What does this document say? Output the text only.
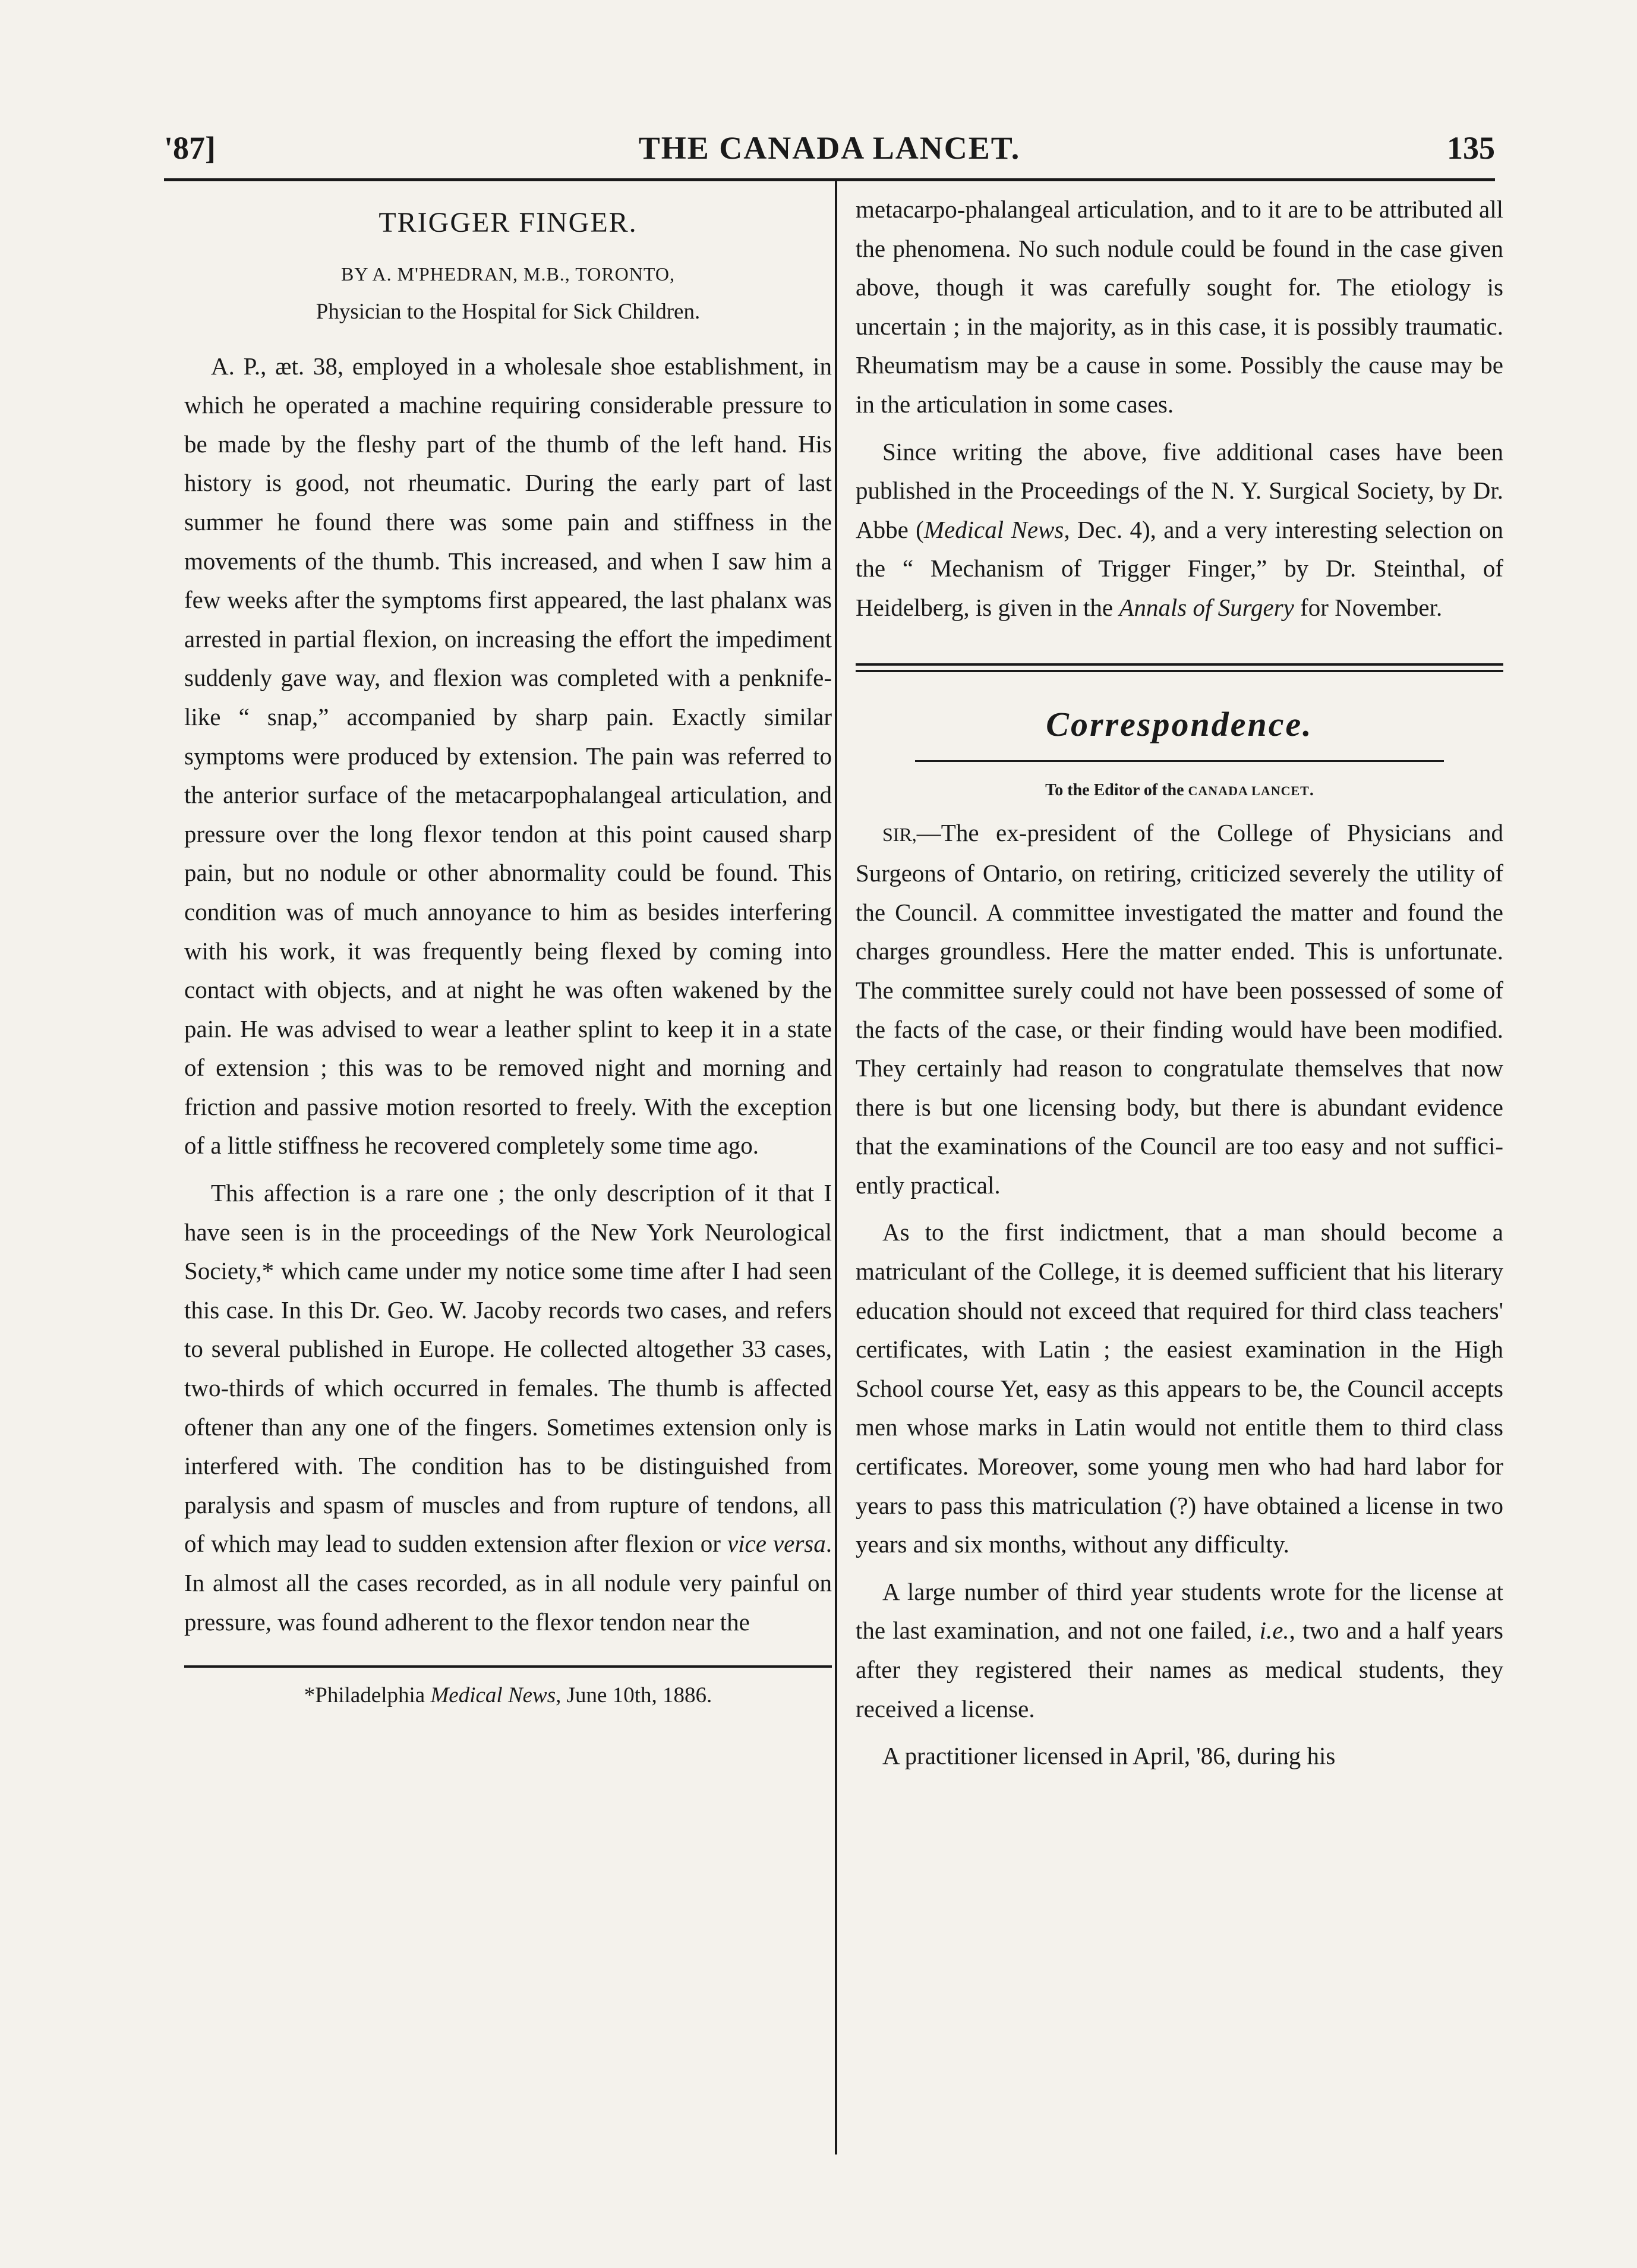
'87]	THE CANADA LANCET.	135
TRIGGER FINGER.
BY A. M'PHEDRAN, M.B., TORONTO,
Physician to the Hospital for Sick Children.

A. P., æt. 38, employed in a wholesale shoe establishment, in which he operated a machine requiring considerable pressure to be made by the fleshy part of the thumb of the left hand. His history is good, not rheumatic. During the early part of last summer he found there was some pain and stiffness in the movements of the thumb. This increased, and when I saw him a few weeks after the symptoms first appeared, the last phalanx was arrested in partial flexion, on increasing the effort the impediment suddenly gave way, and flexion was completed with a penknife-like “ snap,” accompanied by sharp pain. Exactly similar symptoms were produced by extension. The pain was referred to the anterior surface of the metacarpophalangeal articulation, and pressure over the long flexor tendon at this point caused sharp pain, but no nodule or other abnormality could be found. This condition was of much annoyance to him as besides interfering with his work, it was frequently being flexed by coming into contact with objects, and at night he was often wakened by the pain. He was advised to wear a leather splint to keep it in a state of extension ; this was to be removed night and morning and friction and passive motion resorted to freely. With the exception of a little stiffness he recovered completely some time ago.

This affection is a rare one ; the only description of it that I have seen is in the proceedings of the New York Neurological Society,* which came under my notice some time after I had seen this case. In this Dr. Geo. W. Jacoby records two cases, and refers to several published in Europe. He collected altogether 33 cases, two-thirds of which occurred in females. The thumb is affected oftener than any one of the fingers. Sometimes extension only is interfered with. The condition has to be distinguished from paralysis and spasm of muscles and from rupture of tendons, all of which may lead to sudden extension after flexion or vice versa. In almost all the cases recorded, as in all nodule very painful on pressure, was found adherent to the flexor tendon near the

*Philadelphia Medical News, June 10th, 1886.

metacarpo-phalangeal articulation, and to it are to be attributed all the phenomena. No such nodule could be found in the case given above, though it was carefully sought for. The etiology is uncertain ; in the majority, as in this case, it is possibly traumatic. Rheumatism may be a cause in some. Possibly the cause may be in the articulation in some cases.

Since writing the above, five additional cases have been published in the Proceedings of the N. Y. Surgical Society, by Dr. Abbe (Medical News, Dec. 4), and a very interesting selection on the “ Mechanism of Trigger Finger,” by Dr. Steinthal, of Heidelberg, is given in the Annals of Surgery for November.

Correspondence.
To the Editor of the CANADA LANCET.

SIR,—The ex-president of the College of Physicians and Surgeons of Ontario, on retiring, criticized severely the utility of the Council. A committee investigated the matter and found the charges groundless. Here the matter ended. This is unfortunate. The committee surely could not have been possessed of some of the facts of the case, or their finding would have been modified. They certainly had reason to congratulate themselves that now there is but one licensing body, but there is abundant evidence that the examinations of the Council are too easy and not sufficiently practical.

As to the first indictment, that a man should become a matriculant of the College, it is deemed sufficient that his literary education should not exceed that required for third class teachers' certificates, with Latin ; the easiest examination in the High School course Yet, easy as this appears to be, the Council accepts men whose marks in Latin would not entitle them to third class certificates. Moreover, some young men who had hard labor for years to pass this matriculation (?) have obtained a license in two years and six months, without any difficulty.

A large number of third year students wrote for the license at the last examination, and not one failed, i.e., two and a half years after they registered their names as medical students, they received a license.

A practitioner licensed in April, '86, during his
